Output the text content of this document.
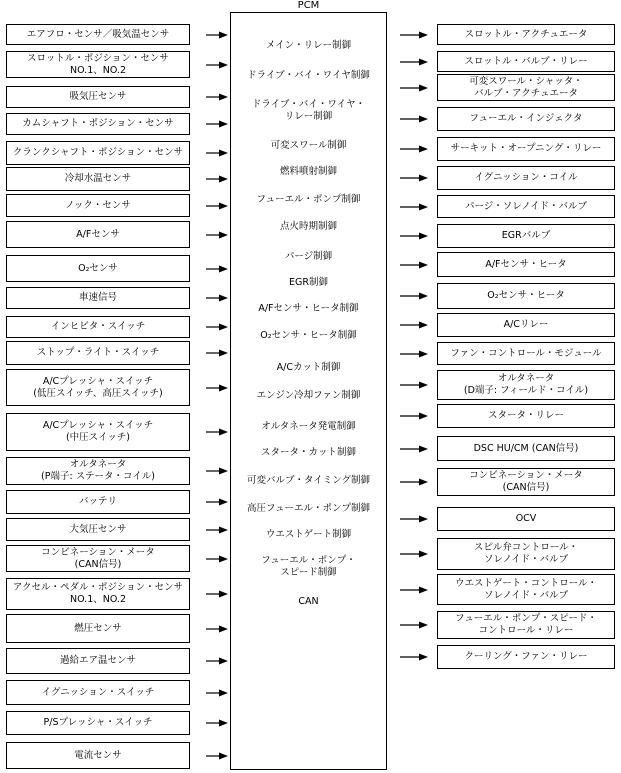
PCM
メイン・リレー制御
ドライブ・バイ・ワイヤ制御
ドライブ・バイ・ワイヤ・
リレー制御
可変スワール制御
燃料噴射制御
フューエル・ポンプ制御
点火時期制御
パージ制御
EGR制御
A/Fセンサ・ヒータ制御
O₂センサ・ヒータ制御
A/Cカット制御
エンジン冷却ファン制御
オルタネータ発電制御
スタータ・カット制御
可変バルブ・タイミング制御
高圧フューエル・ポンプ制御
ウエストゲート制御
フューエル・ポンプ・
スピード制御
CAN
エアフロ・センサ／吸気温センサ
スロットル・ポジション・センサ
NO.1、NO.2
吸気圧センサ
カムシャフト・ポジション・センサ
クランクシャフト・ポジション・センサ
冷却水温センサ
ノック・センサ
A/Fセンサ
O₂センサ
車速信号
インヒビタ・スイッチ
ストップ・ライト・スイッチ
A/Cプレッシャ・スイッチ
(低圧スイッチ、高圧スイッチ)
A/Cプレッシャ・スイッチ
(中圧スイッチ)
オルタネータ
(P端子: ステータ・コイル)
バッテリ
大気圧センサ
コンビネーション・メータ
(CAN信号)
アクセル・ペダル・ポジション・センサ
NO.1、NO.2
燃圧センサ
過給エア温センサ
イグニッション・スイッチ
P/Sプレッシャ・スイッチ
電流センサ
スロットル・アクチュエータ
スロットル・バルブ・リレー
可変スワール・シャッタ・
バルブ・アクチュエータ
フューエル・インジェクタ
サーキット・オープニング・リレー
イグニッション・コイル
パージ・ソレノイド・バルブ
EGRバルブ
A/Fセンサ・ヒータ
O₂センサ・ヒータ
A/Cリレー
ファン・コントロール・モジュール
オルタネータ
(D端子: フィールド・コイル)
スタータ・リレー
DSC HU/CM (CAN信号)
コンビネーション・メータ
(CAN信号)
OCV
スピル弁コントロール・
ソレノイド・バルブ
ウエストゲート・コントロール・
ソレノイド・バルブ
フューエル・ポンプ・スピード・
コントロール・リレー
クーリング・ファン・リレー
